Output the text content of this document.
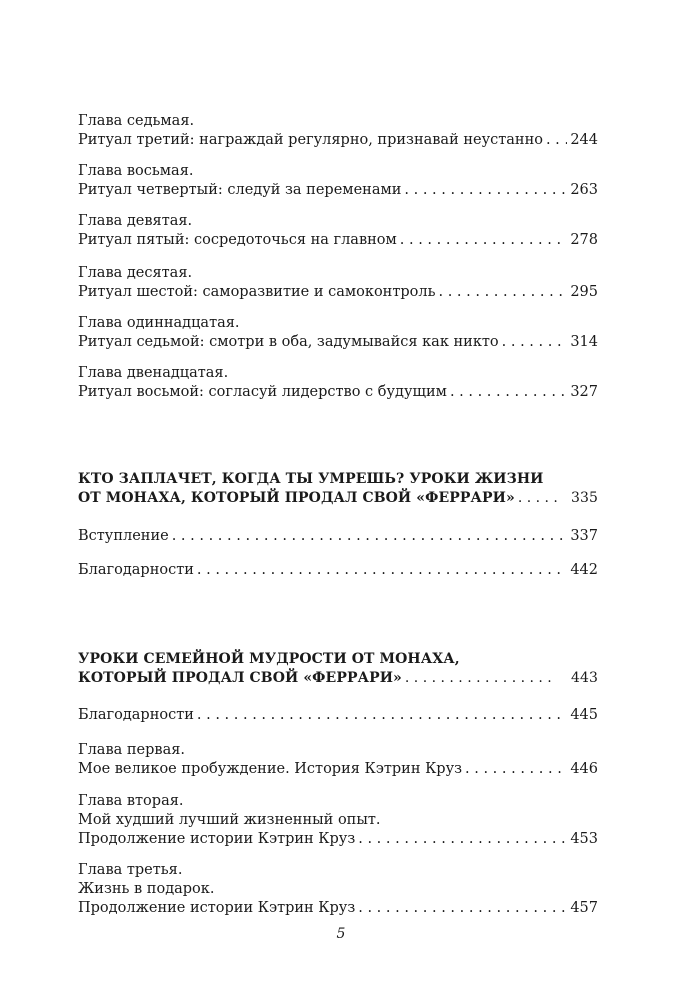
Глава седьмая.
Ритуал третий: награждай регулярно, признавай неустанно . . . 244
Глава восьмая.
Ритуал четвертый: следуй за переменами . . .	263
Глава девятая.
Ритуал пятый: сосредоточься на главном . . .	278
Глава десятая.
Ритуал шестой: саморазвитие и самоконтроль . . .	295
Глава одиннадцатая.
Ритуал седьмой: смотри в оба, задумывайся как никто . . .	314
Глава двенадцатая.
Ритуал восьмой: согласуй лидерство с будущим . . .	327
КТО ЗАПЛАЧЕТ, КОГДА ТЫ УМРЕШЬ? УРОКИ ЖИЗНИ
ОТ МОНАХА, КОТОРЫЙ ПРОДАЛ СВОЙ «ФЕРРАРИ» . . .	335
Вступление . . .	337
Благодарности . . .	442
УРОКИ СЕМЕЙНОЙ МУДРОСТИ ОТ МОНАХА,
КОТОРЫЙ ПРОДАЛ СВОЙ «ФЕРРАРИ» . . .	443
Благодарности . . .	445
Глава первая.
Мое великое пробуждение. История Кэтрин Круз . . .	446
Глава вторая.
Мой худший лучший жизненный опыт.
Продолжение истории Кэтрин Круз . . .	453
Глава третья.
Жизнь в подарок.
Продолжение истории Кэтрин Круз . . .	457
5
